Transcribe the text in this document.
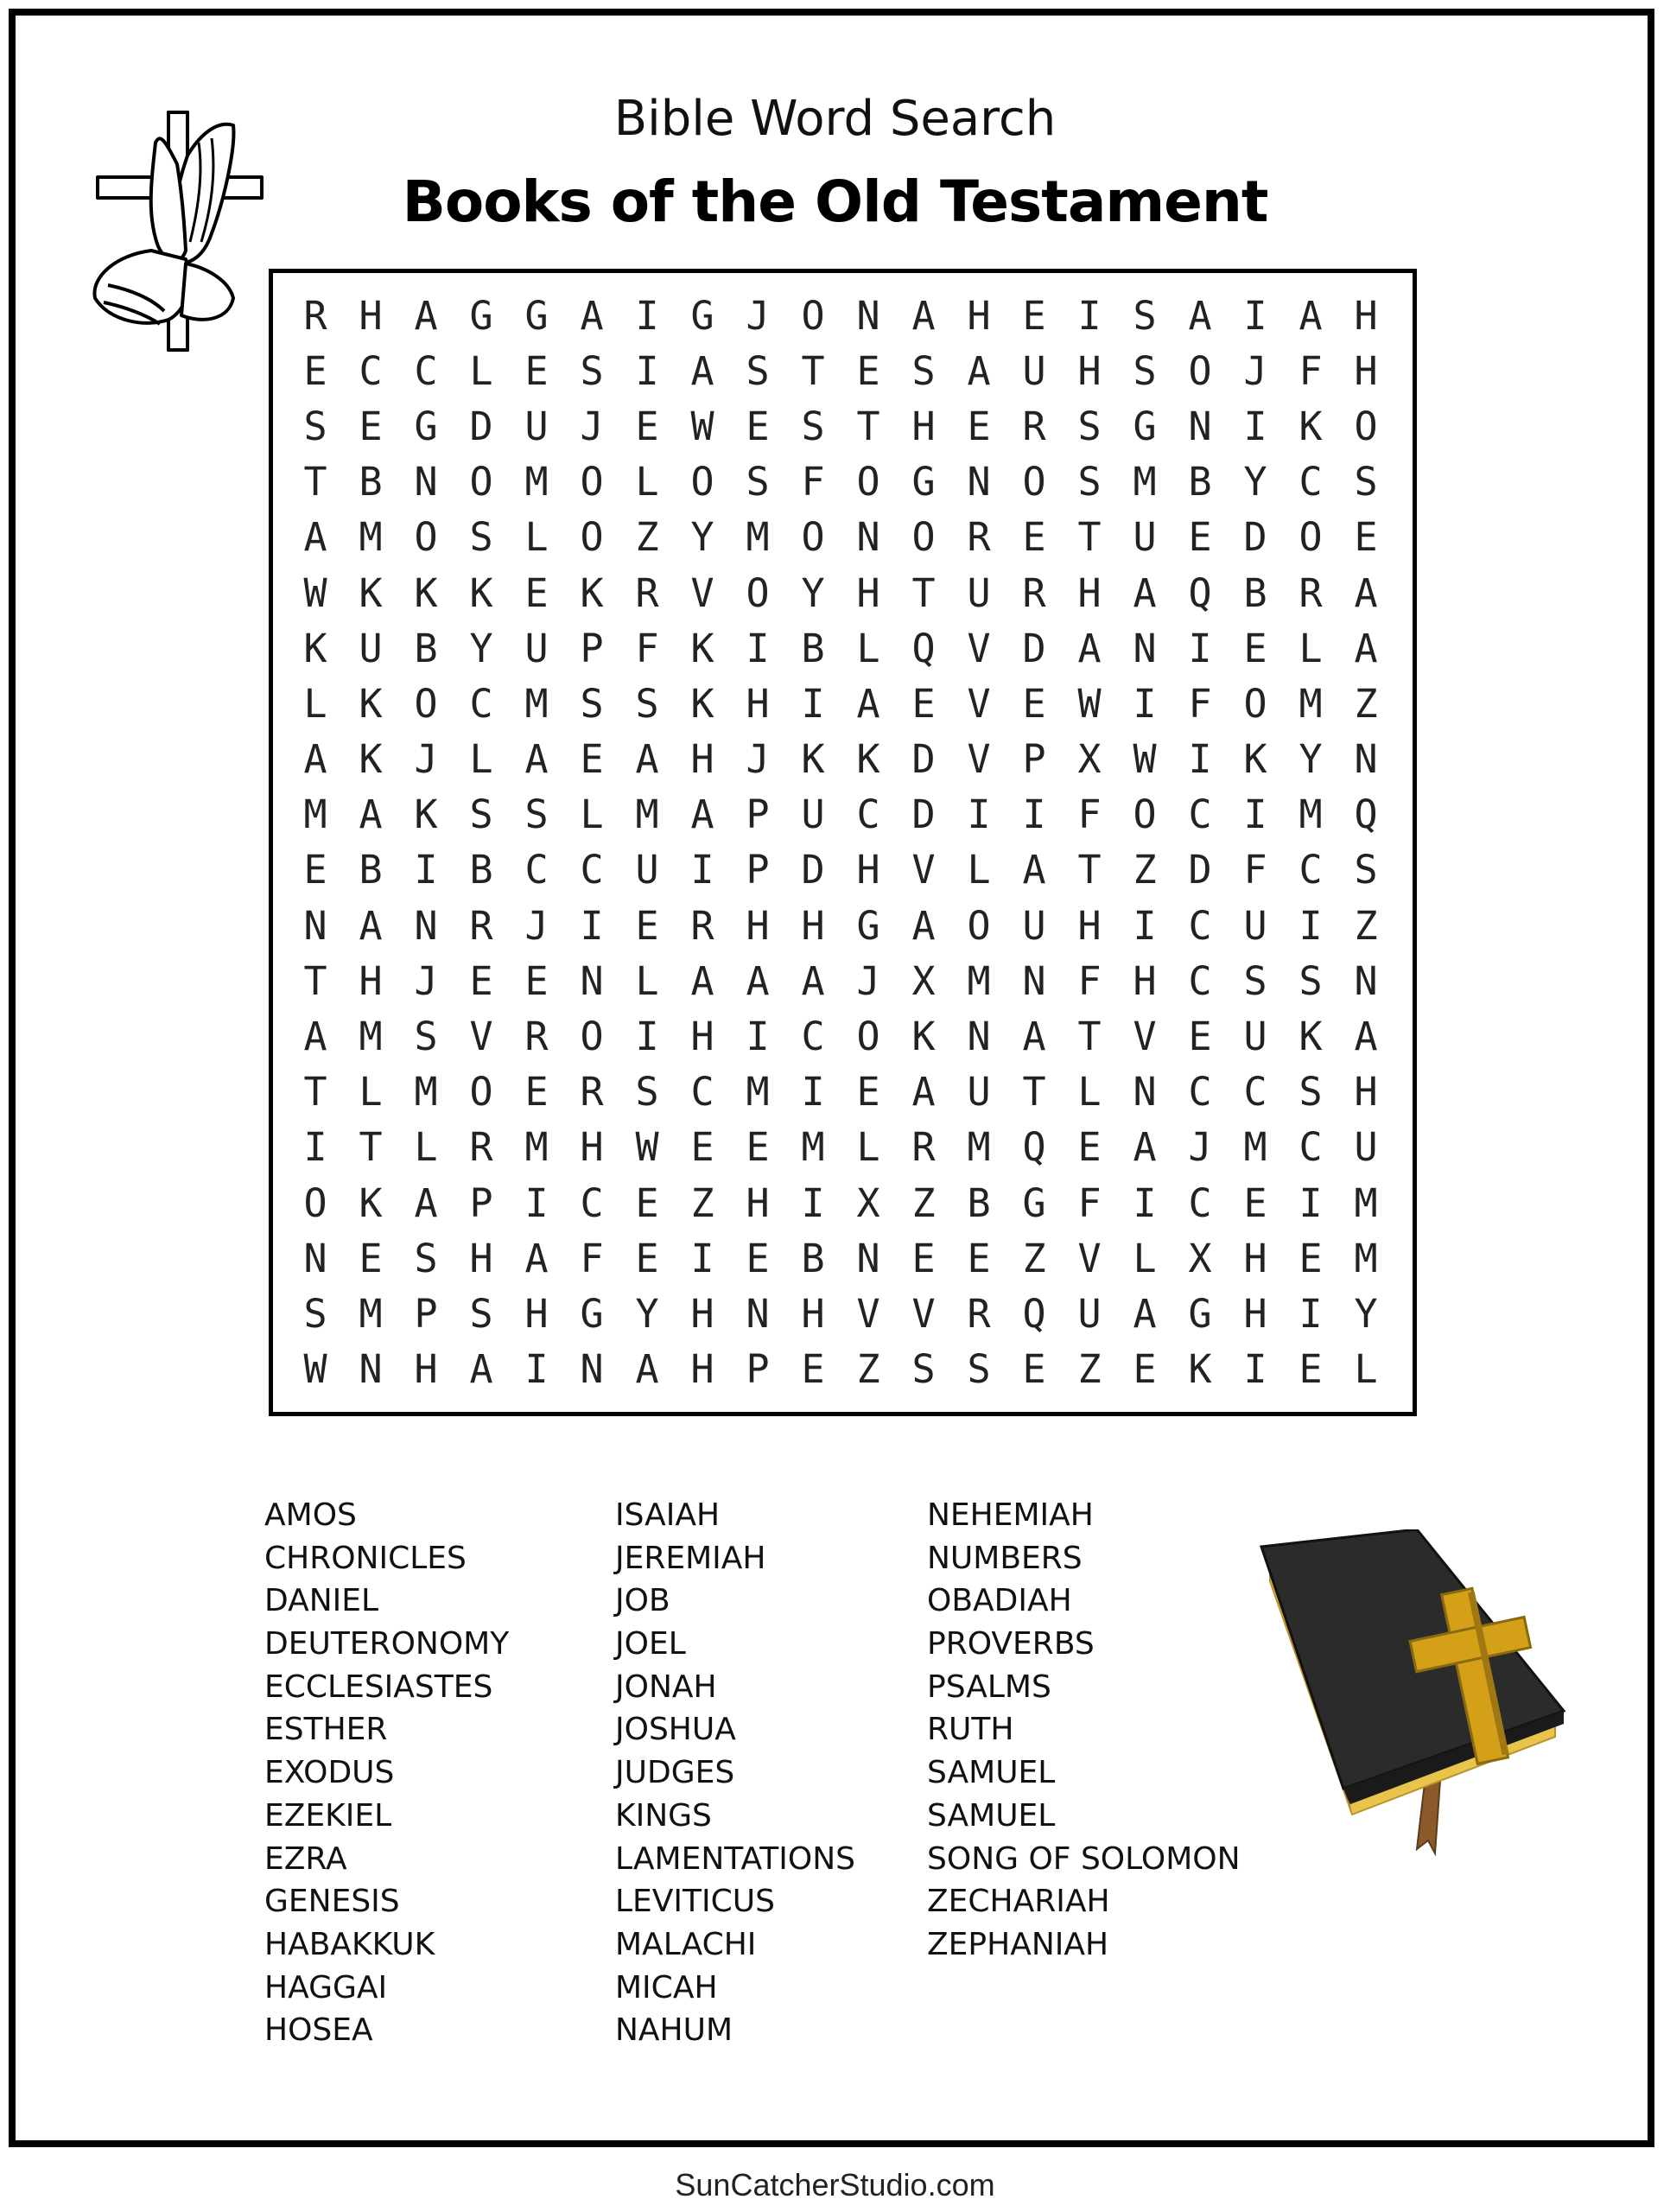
Bible Word Search
Books of the Old Testament
R H A G G A I G J O N A H E I S A I A H
E C C L E S I A S T E S A U H S O J F H
S E G D U J E W E S T H E R S G N I K O
T B N O M O L O S F O G N O S M B Y C S
A M O S L O Z Y M O N O R E T U E D O E
W K K K E K R V O Y H T U R H A Q B R A
K U B Y U P F K I B L Q V D A N I E L A
L K O C M S S K H I A E V E W I F O M Z
A K J L A E A H J K K D V P X W I K Y N
M A K S S L M A P U C D I I F O C I M Q
E B I B C C U I P D H V L A T Z D F C S
N A N R J I E R H H G A O U H I C U I Z
T H J E E N L A A A J X M N F H C S S N
A M S V R O I H I C O K N A T V E U K A
T L M O E R S C M I E A U T L N C C S H
I T L R M H W E E M L R M Q E A J M C U
O K A P I C E Z H I X Z B G F I C E I M
N E S H A F E I E B N E E Z V L X H E M
S M P S H G Y H N H V V R Q U A G H I Y
W N H A I N A H P E Z S S E Z E K I E L
AMOS
CHRONICLES
DANIEL
DEUTERONOMY
ECCLESIASTES
ESTHER
EXODUS
EZEKIEL
EZRA
GENESIS
HABAKKUK
HAGGAI
HOSEA
ISAIAH
JEREMIAH
JOB
JOEL
JONAH
JOSHUA
JUDGES
KINGS
LAMENTATIONS
LEVITICUS
MALACHI
MICAH
NAHUM
NEHEMIAH
NUMBERS
OBADIAH
PROVERBS
PSALMS
RUTH
SAMUEL
SAMUEL
SONG OF SOLOMON
ZECHARIAH
ZEPHANIAH
SunCatcherStudio.com
